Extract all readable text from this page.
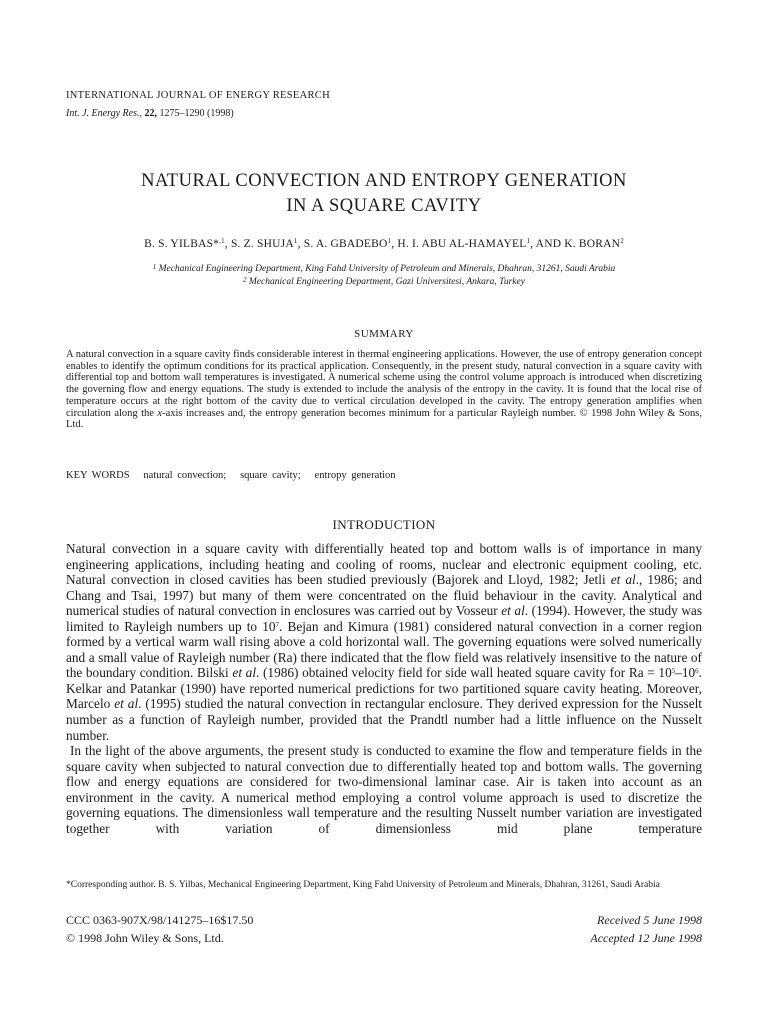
INTERNATIONAL JOURNAL OF ENERGY RESEARCH
Int. J. Energy Res., 22, 1275–1290 (1998)
NATURAL CONVECTION AND ENTROPY GENERATION
IN A SQUARE CAVITY
B. S. YILBAS*$^{,1}$, S. Z. SHUJA$^1$, S. A. GBADEBO$^1$, H. I. ABU AL-HAMAYEL$^1$, AND K. BORAN$^2$
$^1$ Mechanical Engineering Department, King Fahd University of Petroleum and Minerals, Dhahran, 31261, Saudi Arabia
$^2$ Mechanical Engineering Department, Gazi Universitesi, Ankara, Turkey
SUMMARY
A natural convection in a square cavity finds considerable interest in thermal engineering applications. However, the use of entropy generation concept enables to identify the optimum conditions for its practical application. Consequently, in the present study, natural convection in a square cavity with differential top and bottom wall temperatures is investigated. A numerical scheme using the control volume approach is introduced when discretizing the governing flow and energy equations. The study is extended to include the analysis of the entropy in the cavity. It is found that the local rise of temperature occurs at the right bottom of the cavity due to vertical circulation developed in the cavity. The entropy generation amplifies when circulation along the x-axis increases and, the entropy generation becomes minimum for a particular Rayleigh number. © 1998 John Wiley & Sons, Ltd.
KEY WORDS natural convection; square cavity; entropy generation
INTRODUCTION

Natural convection in a square cavity with differentially heated top and bottom walls is of importance in many engineering applications, including heating and cooling of rooms, nuclear and electronic equipment cooling, etc. Natural convection in closed cavities has been studied previously (Bajorek and Lloyd, 1982; Jetli et al., 1986; and Chang and Tsai, 1997) but many of them were concentrated on the fluid behaviour in the cavity. Analytical and numerical studies of natural convection in enclosures was carried out by Vosseur et al. (1994). However, the study was limited to Rayleigh numbers up to $10^7$. Bejan and Kimura (1981) considered natural convection in a corner region formed by a vertical warm wall rising above a cold horizontal wall. The governing equations were solved numerically and a small value of Rayleigh number (Ra) there indicated that the flow field was relatively insensitive to the nature of the boundary condition. Bilski et al. (1986) obtained velocity field for side wall heated square cavity for $Ra = 10^5-10^6$. Kelkar and Patankar (1990) have reported numerical predictions for two partitioned square cavity heating. Moreover, Marcelo et al. (1995) studied the natural convection in rectangular enclosure. They derived expression for the Nusselt number as a function of Rayleigh number, provided that the Prandtl number had a little influence on the Nusselt number.

In the light of the above arguments, the present study is conducted to examine the flow and temperature fields in the square cavity when subjected to natural convection due to differentially heated top and bottom walls. The governing flow and energy equations are considered for two-dimensional laminar case. Air is taken into account as an environment in the cavity. A numerical method employing a control volume approach is used to discretize the governing equations. The dimensionless wall temperature and the resulting Nusselt number variation are investigated together with variation of dimensionless mid plane temperature

*Corresponding author. B. S. Yilbas, Mechanical Engineering Department, King Fahd University of Petroleum and Minerals, Dhahran, 31261, Saudi Arabia
CCC 0363-907X/98/141275–16$17.50
© 1998 John Wiley & Sons, Ltd.
Received 5 June 1998
Accepted 12 June 1998
